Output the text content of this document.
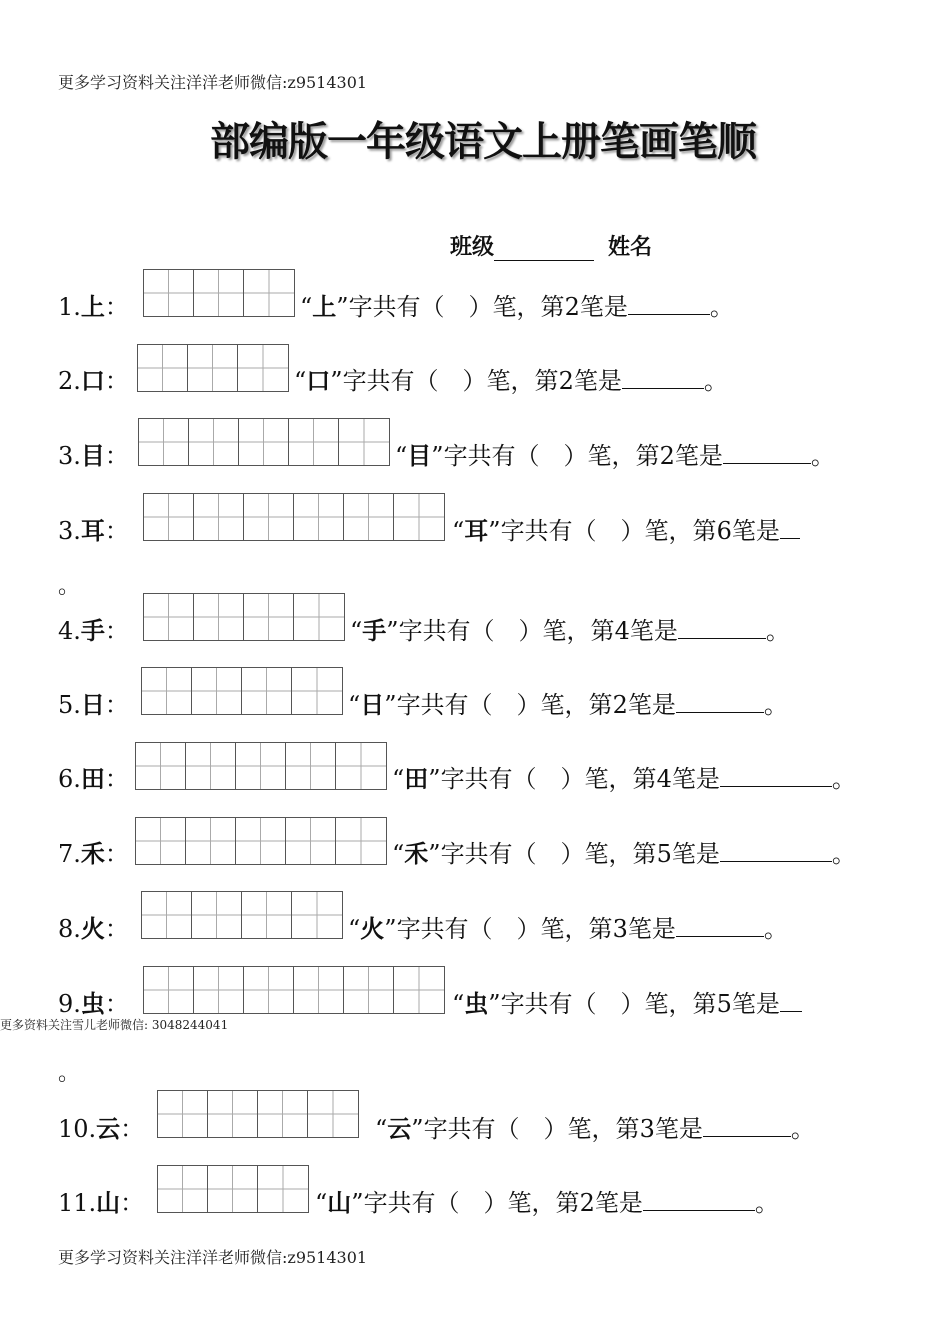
更多学习资料关注洋洋老师微信:z9514301
部编版一年级语文上册笔画笔顺
班级	姓名
1.上：	“上”字共有（　）笔，第2笔是	。
2.口：	“口”字共有（　）笔，第2笔是	。
3.目：	“目”字共有（　）笔，第2笔是	。
3.耳：	“耳”字共有（　）笔，第6笔是
。
4.手：	“手”字共有（　）笔，第4笔是	。
5.日：	“日”字共有（　）笔，第2笔是	。
6.田：	“田”字共有（　）笔，第4笔是	。
7.禾：	“禾”字共有（　）笔，第5笔是	。
8.火：	“火”字共有（　）笔，第3笔是	。
9.虫：	“虫”字共有（　）笔，第5笔是
。
10.云：	“云”字共有（　）笔，第3笔是	。
11.山：	“山”字共有（　）笔，第2笔是	。
更多资料关注雪儿老师微信: 3048244041
更多学习资料关注洋洋老师微信:z9514301
